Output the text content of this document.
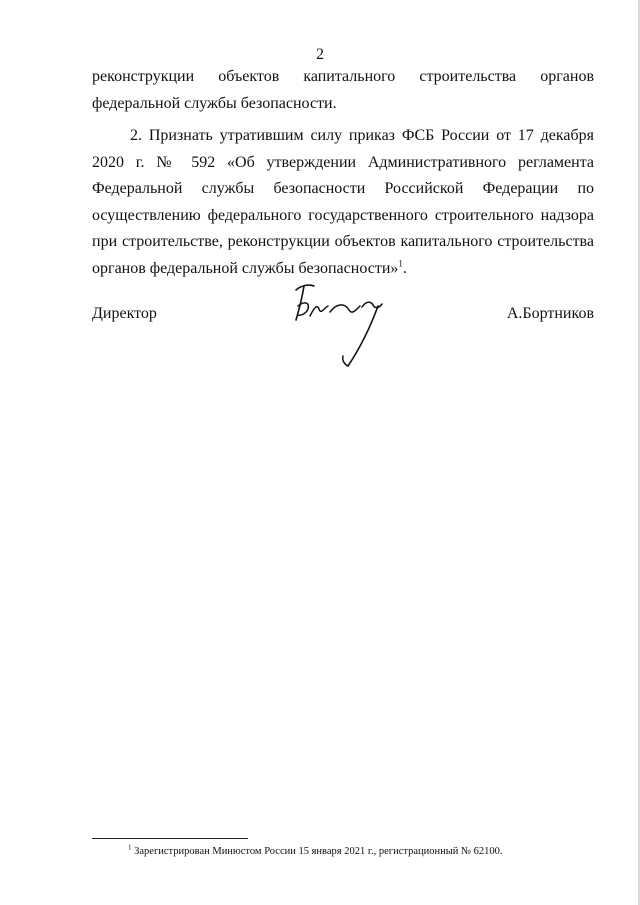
2

реконструкции объектов капитального строительства органов федеральной службы безопасности.

2. Признать утратившим силу приказ ФСБ России от 17 декабря 2020 г. № 592 «Об утверждении Административного регламента Федеральной службы безопасности Российской Федерации по осуществлению федерального государственного строительного надзора при строительстве, реконструкции объектов капитального строительства органов федеральной службы безопасности»$^1$.

Директор	А.Бортников
$^1$ Зарегистрирован Минюстом России 15 января 2021 г., регистрационный № 62100.
